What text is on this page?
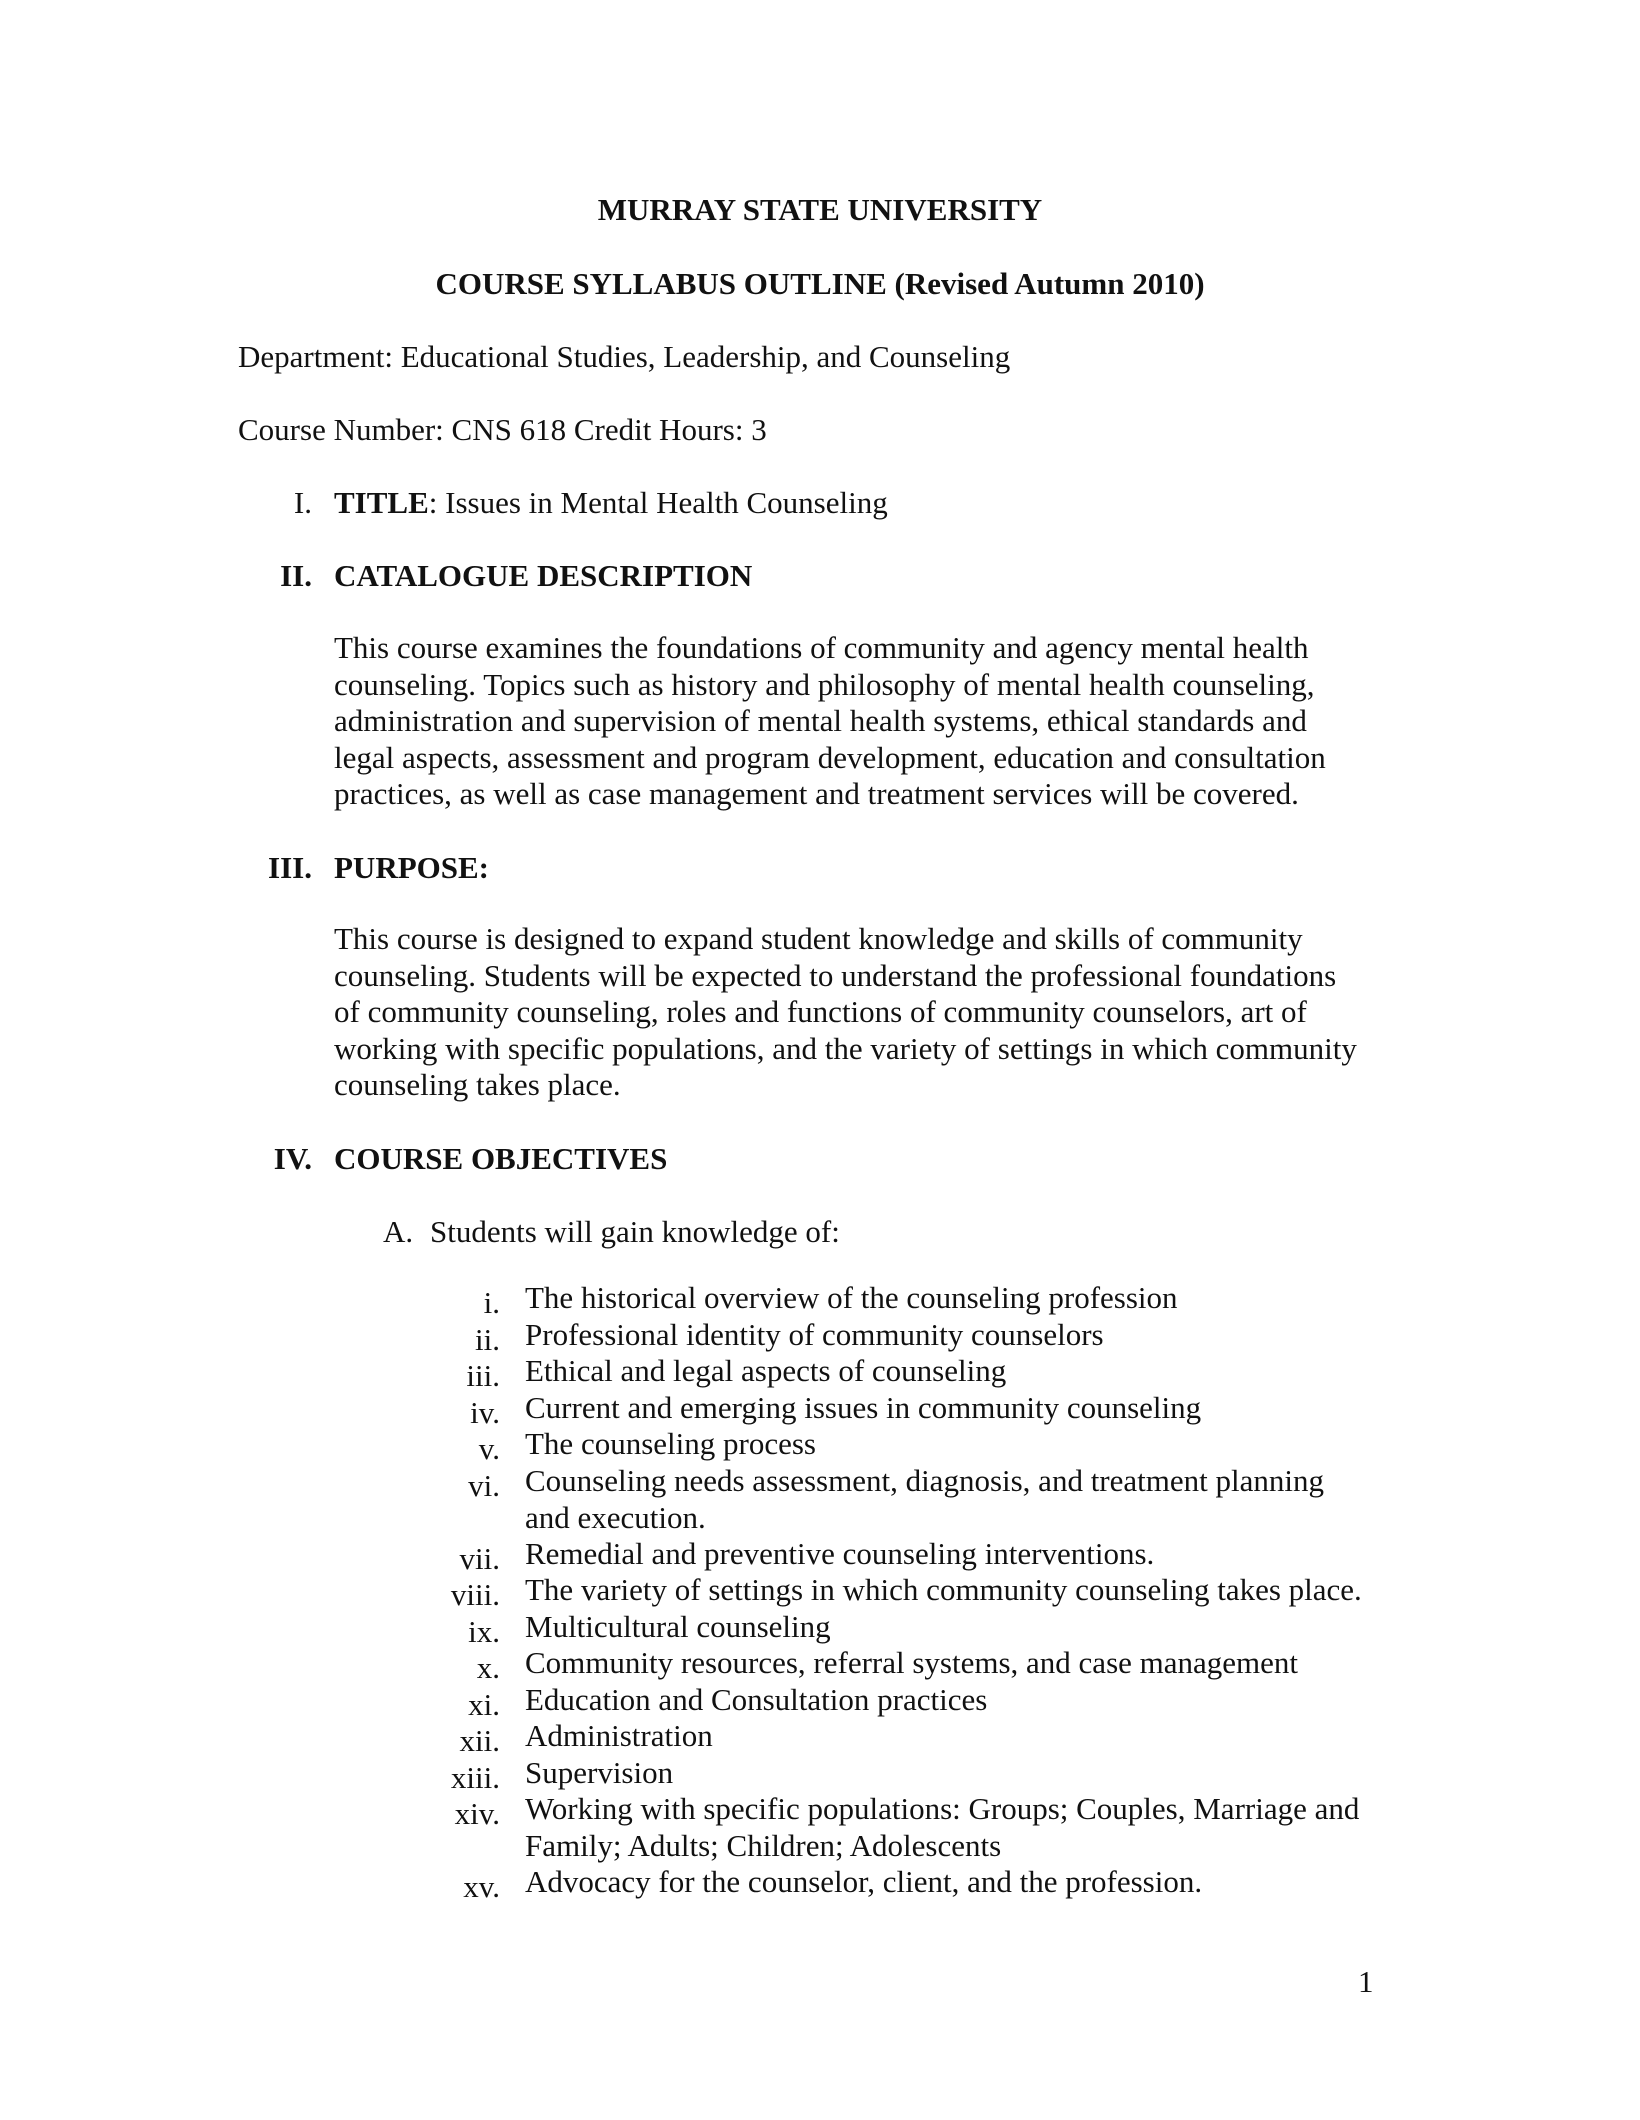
MURRAY STATE UNIVERSITY
COURSE SYLLABUS OUTLINE (Revised Autumn 2010)
Department: Educational Studies, Leadership, and Counseling
Course Number: CNS 618 Credit Hours: 3
I. TITLE: Issues in Mental Health Counseling
II. CATALOGUE DESCRIPTION
This course examines the foundations of community and agency mental health
counseling. Topics such as history and philosophy of mental health counseling,
administration and supervision of mental health systems, ethical standards and
legal aspects, assessment and program development, education and consultation
practices, as well as case management and treatment services will be covered.
III. PURPOSE:
This course is designed to expand student knowledge and skills of community
counseling. Students will be expected to understand the professional foundations
of community counseling, roles and functions of community counselors, art of
working with specific populations, and the variety of settings in which community
counseling takes place.
IV. COURSE OBJECTIVES
A. Students will gain knowledge of:
i. The historical overview of the counseling profession
ii. Professional identity of community counselors
iii. Ethical and legal aspects of counseling
iv. Current and emerging issues in community counseling
v. The counseling process
vi. Counseling needs assessment, diagnosis, and treatment planning
and execution.
vii. Remedial and preventive counseling interventions.
viii. The variety of settings in which community counseling takes place.
ix. Multicultural counseling
x. Community resources, referral systems, and case management
xi. Education and Consultation practices
xii. Administration
xiii. Supervision
xiv. Working with specific populations: Groups; Couples, Marriage and
Family; Adults; Children; Adolescents
xv. Advocacy for the counselor, client, and the profession.
1
